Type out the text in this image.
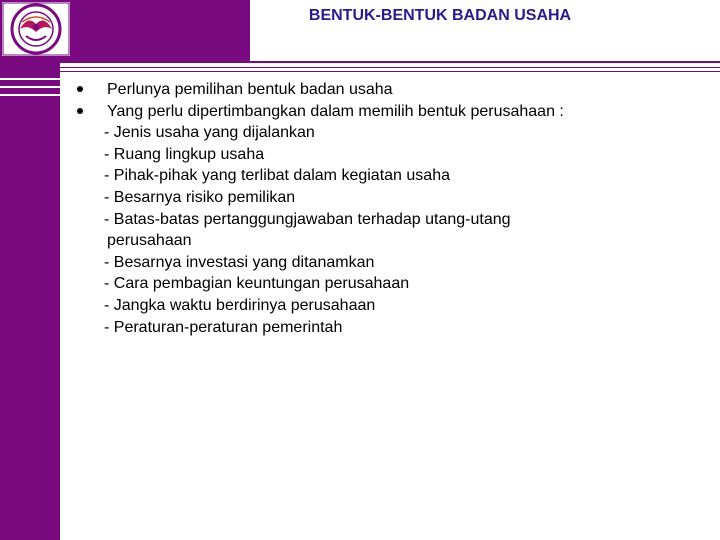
BENTUK-BENTUK BADAN USAHA
Perlunya pemilihan bentuk badan usaha
Yang perlu dipertimbangkan dalam memilih bentuk perusahaan :
- Jenis usaha yang dijalankan
- Ruang lingkup usaha
- Pihak-pihak yang terlibat dalam kegiatan usaha
- Besarnya risiko pemilikan
- Batas-batas pertanggungjawaban terhadap utang-utang
perusahaan
- Besarnya investasi yang ditanamkan
- Cara pembagian keuntungan perusahaan
- Jangka waktu berdirinya perusahaan
- Peraturan-peraturan pemerintah
